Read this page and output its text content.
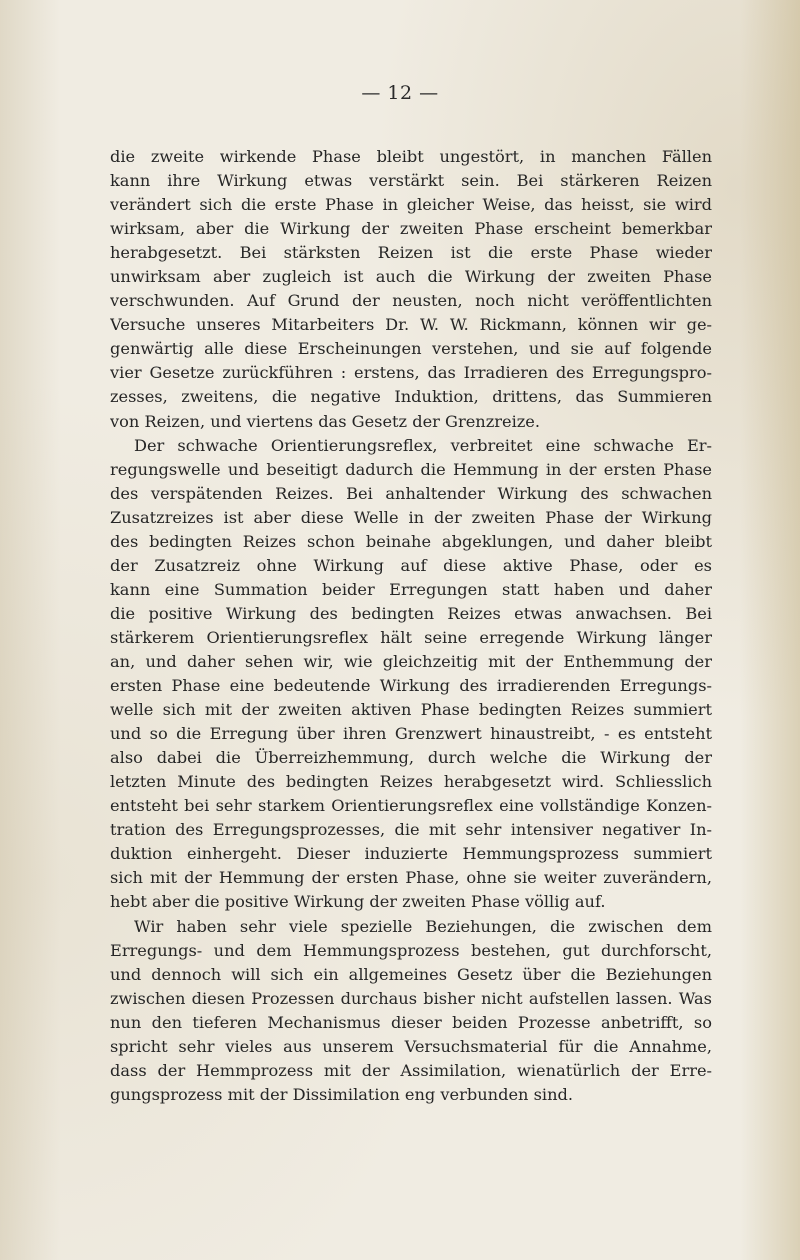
— 12 —
die zweite wirkende Phase bleibt ungestört, in manchen Fällen
kann ihre Wirkung etwas verstärkt sein. Bei stärkeren Reizen
verändert sich die erste Phase in gleicher Weise, das heisst, sie wird
wirksam, aber die Wirkung der zweiten Phase erscheint bemerkbar
herabgesetzt. Bei stärksten Reizen ist die erste Phase wieder
unwirksam aber zugleich ist auch die Wirkung der zweiten Phase
verschwunden. Auf Grund der neusten, noch nicht veröffentlichten
Versuche unseres Mitarbeiters Dr. W. W. Rickmann, können wir ge-
genwärtig alle diese Erscheinungen verstehen, und sie auf folgende
vier Gesetze zurückführen : erstens, das Irradieren des Erregungspro-
zesses, zweitens, die negative Induktion, drittens, das Summieren
von Reizen, und viertens das Gesetz der Grenzreize.
Der schwache Orientierungsreflex, verbreitet eine schwache Er-
regungswelle und beseitigt dadurch die Hemmung in der ersten Phase
des verspätenden Reizes. Bei anhaltender Wirkung des schwachen
Zusatzreizes ist aber diese Welle in der zweiten Phase der Wirkung
des bedingten Reizes schon beinahe abgeklungen, und daher bleibt
der Zusatzreiz ohne Wirkung auf diese aktive Phase, oder es
kann eine Summation beider Erregungen statt haben und daher
die positive Wirkung des bedingten Reizes etwas anwachsen. Bei
stärkerem Orientierungsreflex hält seine erregende Wirkung länger
an, und daher sehen wir, wie gleichzeitig mit der Enthemmung der
ersten Phase eine bedeutende Wirkung des irradierenden Erregungs-
welle sich mit der zweiten aktiven Phase bedingten Reizes summiert
und so die Erregung über ihren Grenzwert hinaustreibt, - es entsteht
also dabei die Überreizhemmung, durch welche die Wirkung der
letzten Minute des bedingten Reizes herabgesetzt wird. Schliesslich
entsteht bei sehr starkem Orientierungsreflex eine vollständige Konzen-
tration des Erregungsprozesses, die mit sehr intensiver negativer In-
duktion einhergeht. Dieser induzierte Hemmungsprozess summiert
sich mit der Hemmung der ersten Phase, ohne sie weiter zuverändern,
hebt aber die positive Wirkung der zweiten Phase völlig auf.
Wir haben sehr viele spezielle Beziehungen, die zwischen dem
Erregungs- und dem Hemmungsprozess bestehen, gut durchforscht,
und dennoch will sich ein allgemeines Gesetz über die Beziehungen
zwischen diesen Prozessen durchaus bisher nicht aufstellen lassen. Was
nun den tieferen Mechanismus dieser beiden Prozesse anbetrifft, so
spricht sehr vieles aus unserem Versuchsmaterial für die Annahme,
dass der Hemmprozess mit der Assimilation, wienatürlich der Erre-
gungsprozess mit der Dissimilation eng verbunden sind.
